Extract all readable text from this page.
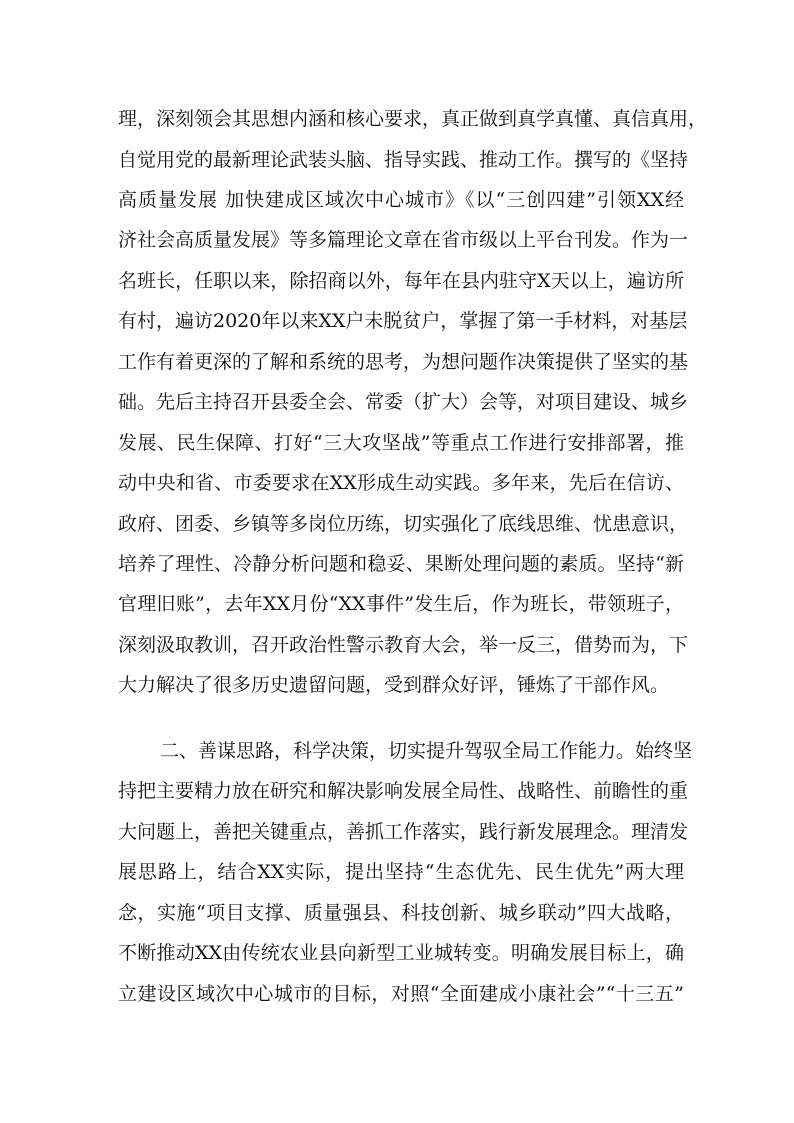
理，深刻领会其思想内涵和核心要求，真正做到真学真懂、真信真用，
自觉用党的最新理论武装头脑、指导实践、推动工作。撰写的《坚持
高质量发展 加快建成区域次中心城市》《以“三创四建”引领XX经
济社会高质量发展》等多篇理论文章在省市级以上平台刊发。作为一
名班长，任职以来，除招商以外，每年在县内驻守X天以上，遍访所
有村，遍访2020年以来XX户未脱贫户，掌握了第一手材料，对基层
工作有着更深的了解和系统的思考，为想问题作决策提供了坚实的基
础。先后主持召开县委全会、常委（扩大）会等，对项目建设、城乡
发展、民生保障、打好“三大攻坚战”等重点工作进行安排部署，推
动中央和省、市委要求在XX形成生动实践。多年来，先后在信访、
政府、团委、乡镇等多岗位历练，切实强化了底线思维、忧患意识，
培养了理性、冷静分析问题和稳妥、果断处理问题的素质。坚持“新
官理旧账”，去年XX月份“XX事件”发生后，作为班长，带领班子，
深刻汲取教训，召开政治性警示教育大会，举一反三，借势而为，下
大力解决了很多历史遗留问题，受到群众好评，锤炼了干部作风。
二、善谋思路，科学决策，切实提升驾驭全局工作能力。始终坚
持把主要精力放在研究和解决影响发展全局性、战略性、前瞻性的重
大问题上，善把关键重点，善抓工作落实，践行新发展理念。理清发
展思路上，结合XX实际，提出坚持“生态优先、民生优先”两大理
念，实施“项目支撑、质量强县、科技创新、城乡联动”四大战略，
不断推动XX由传统农业县向新型工业城转变。明确发展目标上，确
立建设区域次中心城市的目标，对照“全面建成小康社会”“十三五”
